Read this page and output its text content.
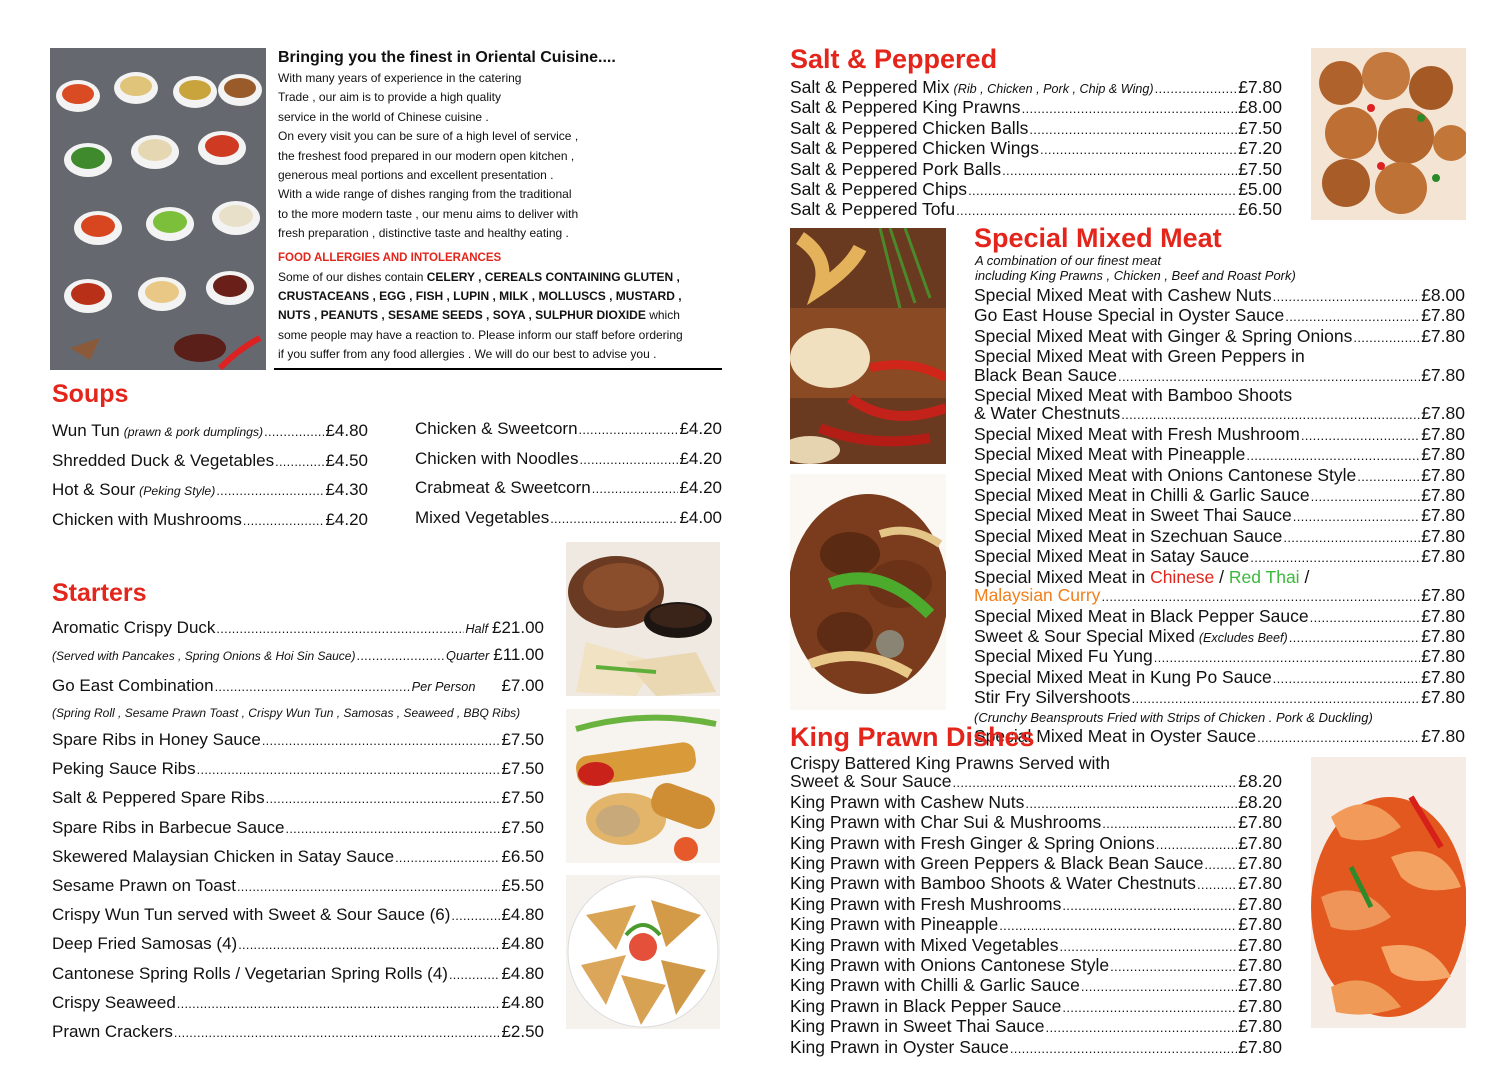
Bringing you the finest in Oriental Cuisine....
With many years of experience in the catering
Trade , our aim is to provide a high quality
service in the world of Chinese cuisine .
On every visit you can be sure of a high level of service ,
the freshest food prepared in our modern open kitchen ,
generous meal portions and excellent presentation .
With a wide range of dishes ranging from the traditional
to the more modern taste , our menu aims to deliver with
fresh preparation , distinctive taste and healthy eating .
FOOD ALLERGIES AND INTOLERANCES
Some of our dishes contain CELERY , CEREALS CONTAINING GLUTEN ,
CRUSTACEANS , EGG , FISH , LUPIN , MILK , MOLLUSCS , MUSTARD ,
NUTS , PEANUTS , SESAME SEEDS , SOYA , SULPHUR DIOXIDE which
some people may have a reaction to. Please inform our staff before ordering
if you suffer from any food allergies . We will do our best to advise you .
Soups
Wun Tun (prawn & pork dumplings) .....	£4.80
Shredded Duck & Vegetables .....	£4.50
Hot & Sour (Peking Style) .....	£4.30
Chicken with Mushrooms .....	£4.20
Chicken & Sweetcorn .....	£4.20
Chicken with Noodles .....	£4.20
Crabmeat & Sweetcorn .....	£4.20
Mixed Vegetables .....	£4.00
Starters
Aromatic Crispy Duck .....	Half £21.00
(Served with Pancakes , Spring Onions & Hoi Sin Sauce) .....	Quarter £11.00
Go East Combination .....	Per Person £7.00
(Spring Roll , Sesame Prawn Toast , Crispy Wun Tun , Samosas , Seaweed , BBQ Ribs)
Spare Ribs in Honey Sauce .....	£7.50
Peking Sauce Ribs .....	£7.50
Salt & Peppered Spare Ribs .....	£7.50
Spare Ribs in Barbecue Sauce .....	£7.50
Skewered Malaysian Chicken in Satay Sauce .....	£6.50
Sesame Prawn on Toast .....	£5.50
Crispy Wun Tun served with Sweet & Sour Sauce (6) .....	£4.80
Deep Fried Samosas (4) .....	£4.80
Cantonese Spring Rolls / Vegetarian Spring Rolls (4) .....	£4.80
Crispy Seaweed .....	£4.80
Prawn Crackers .....	£2.50
Salt & Peppered
Salt & Peppered Mix (Rib , Chicken , Pork , Chip & Wing) .....	£7.80
Salt & Peppered King Prawns .....	£8.00
Salt & Peppered Chicken Balls .....	£7.50
Salt & Peppered Chicken Wings .....	£7.20
Salt & Peppered Pork Balls .....	£7.50
Salt & Peppered Chips .....	£5.00
Salt & Peppered Tofu .....	£6.50
Special Mixed Meat
A combination of our finest meat
including King Prawns , Chicken , Beef and Roast Pork)
Special Mixed Meat with Cashew Nuts .....	£8.00
Go East House Special in Oyster Sauce .....	£7.80
Special Mixed Meat with Ginger & Spring Onions .....	£7.80
Special Mixed Meat with Green Peppers in
Black Bean Sauce .....	£7.80
Special Mixed Meat with Bamboo Shoots
& Water Chestnuts .....	£7.80
Special Mixed Meat with Fresh Mushroom .....	£7.80
Special Mixed Meat with Pineapple .....	£7.80
Special Mixed Meat with Onions Cantonese Style .....	£7.80
Special Mixed Meat in Chilli & Garlic Sauce .....	£7.80
Special Mixed Meat in Sweet Thai Sauce .....	£7.80
Special Mixed Meat in Szechuan Sauce .....	£7.80
Special Mixed Meat in Satay Sauce .....	£7.80
Special Mixed Meat in Chinese / Red Thai /
Malaysian Curry .....	£7.80
Special Mixed Meat in Black Pepper Sauce .....	£7.80
Sweet & Sour Special Mixed (Excludes Beef) .....	£7.80
Special Mixed Fu Yung .....	£7.80
Special Mixed Meat in Kung Po Sauce .....	£7.80
Stir Fry Silvershoots .....	£7.80
(Crunchy Beansprouts Fried with Strips of Chicken . Pork & Duckling)
Special Mixed Meat in Oyster Sauce .....	£7.80
King Prawn Dishes
Crispy Battered King Prawns Served with
Sweet & Sour Sauce .....	£8.20
King Prawn with Cashew Nuts .....	£8.20
King Prawn with Char Sui & Mushrooms .....	£7.80
King Prawn with Fresh Ginger & Spring Onions .....	£7.80
King Prawn with Green Peppers & Black Bean Sauce ..... £7.80
King Prawn with Bamboo Shoots & Water Chestnuts ..... £7.80
King Prawn with Fresh Mushrooms .....	£7.80
King Prawn with Pineapple .....	£7.80
King Prawn with Mixed Vegetables .....	£7.80
King Prawn with Onions Cantonese Style .....	£7.80
King Prawn with Chilli & Garlic Sauce .....	£7.80
King Prawn in Black Pepper Sauce .....	£7.80
King Prawn in Sweet Thai Sauce .....	£7.80
King Prawn in Oyster Sauce .....	£7.80
